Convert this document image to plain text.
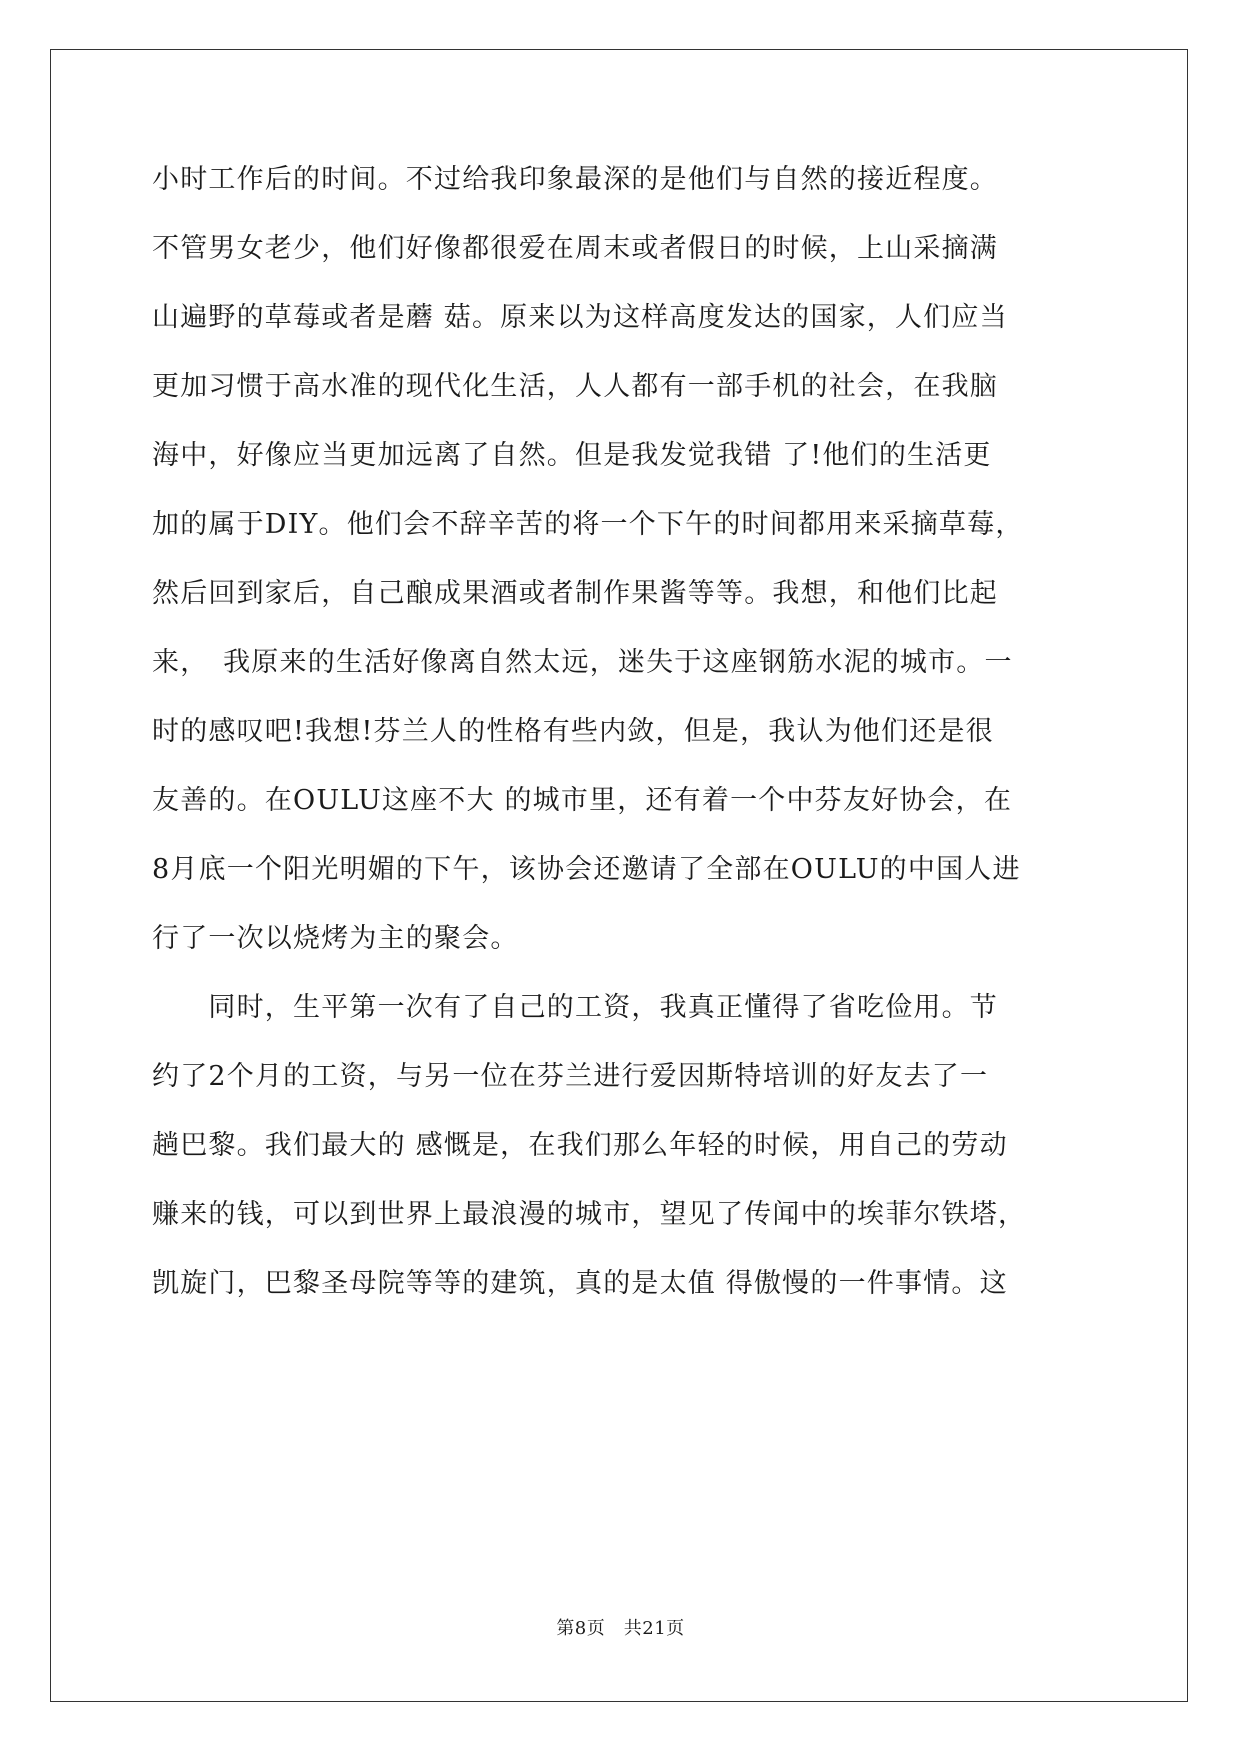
小时工作后的时间。不过给我印象最深的是他们与自然的接近程度。
不管男女老少，他们好像都很爱在周末或者假日的时候，上山采摘满
山遍野的草莓或者是蘑 菇。原来以为这样高度发达的国家，人们应当
更加习惯于高水准的现代化生活，人人都有一部手机的社会，在我脑
海中，好像应当更加远离了自然。但是我发觉我错 了!他们的生活更
加的属于DIY。他们会不辞辛苦的将一个下午的时间都用来采摘草莓，
然后回到家后，自己酿成果酒或者制作果酱等等。我想，和他们比起
来，　我原来的生活好像离自然太远，迷失于这座钢筋水泥的城市。一
时的感叹吧!我想!芬兰人的性格有些内敛，但是，我认为他们还是很
友善的。在OULU这座不大 的城市里，还有着一个中芬友好协会，在
8月底一个阳光明媚的下午，该协会还邀请了全部在OULU的中国人进
行了一次以烧烤为主的聚会。
　　同时，生平第一次有了自己的工资，我真正懂得了省吃俭用。节
约了2个月的工资，与另一位在芬兰进行爱因斯特培训的好友去了一
趟巴黎。我们最大的 感慨是，在我们那么年轻的时候，用自己的劳动
赚来的钱，可以到世界上最浪漫的城市，望见了传闻中的埃菲尔铁塔，
凯旋门，巴黎圣母院等等的建筑，真的是太值 得傲慢的一件事情。这
第8页　共21页
